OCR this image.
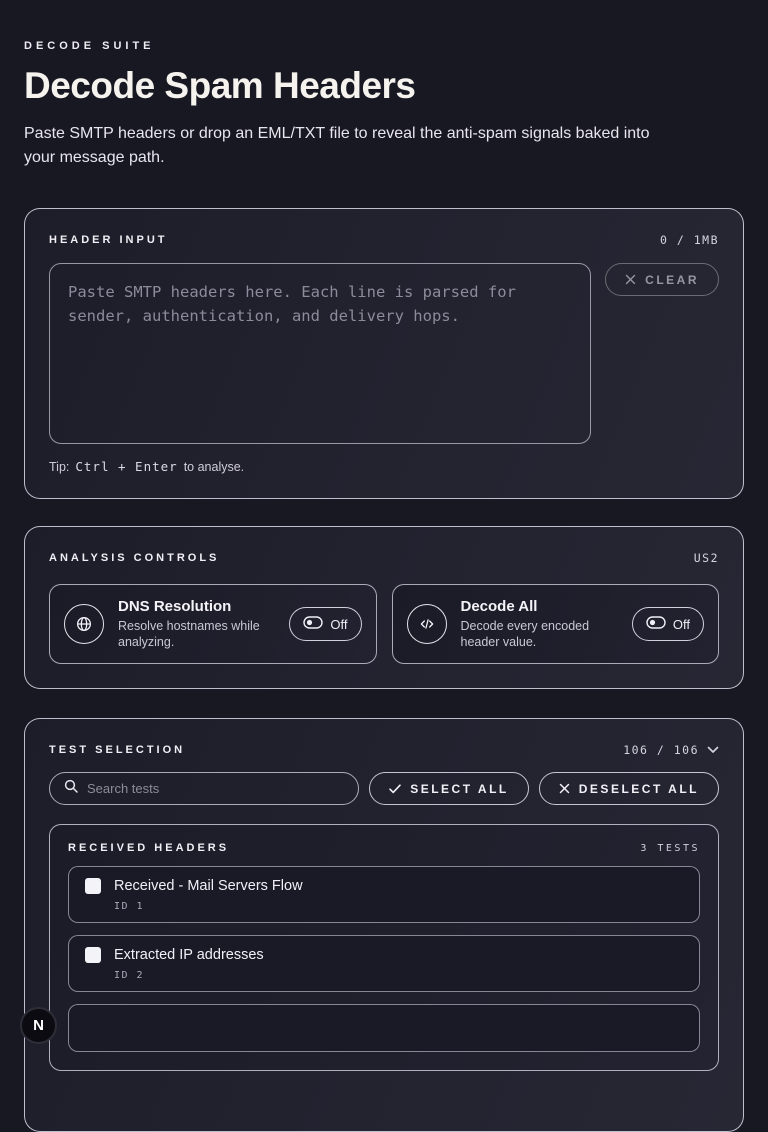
DECODE SUITE
Decode Spam Headers

Paste SMTP headers or drop an EML/TXT file to reveal the anti-spam signals baked into your message path.

HEADER INPUT	0 / 1MB
Paste SMTP headers here. Each line is parsed for sender, authentication, and delivery hops.
CLEAR
Tip: Ctrl + Enter to analyse.
ANALYSIS CONTROLS	US2
DNS Resolution
Resolve hostnames while analyzing.
Off
Decode All
Decode every encoded header value.
Off
TEST SELECTION	106 / 106
Search tests
SELECT ALL	DESELECT ALL
RECEIVED HEADERS	3 TESTS
Received - Mail Servers Flow
ID 1
Extracted IP addresses
ID 2
N
